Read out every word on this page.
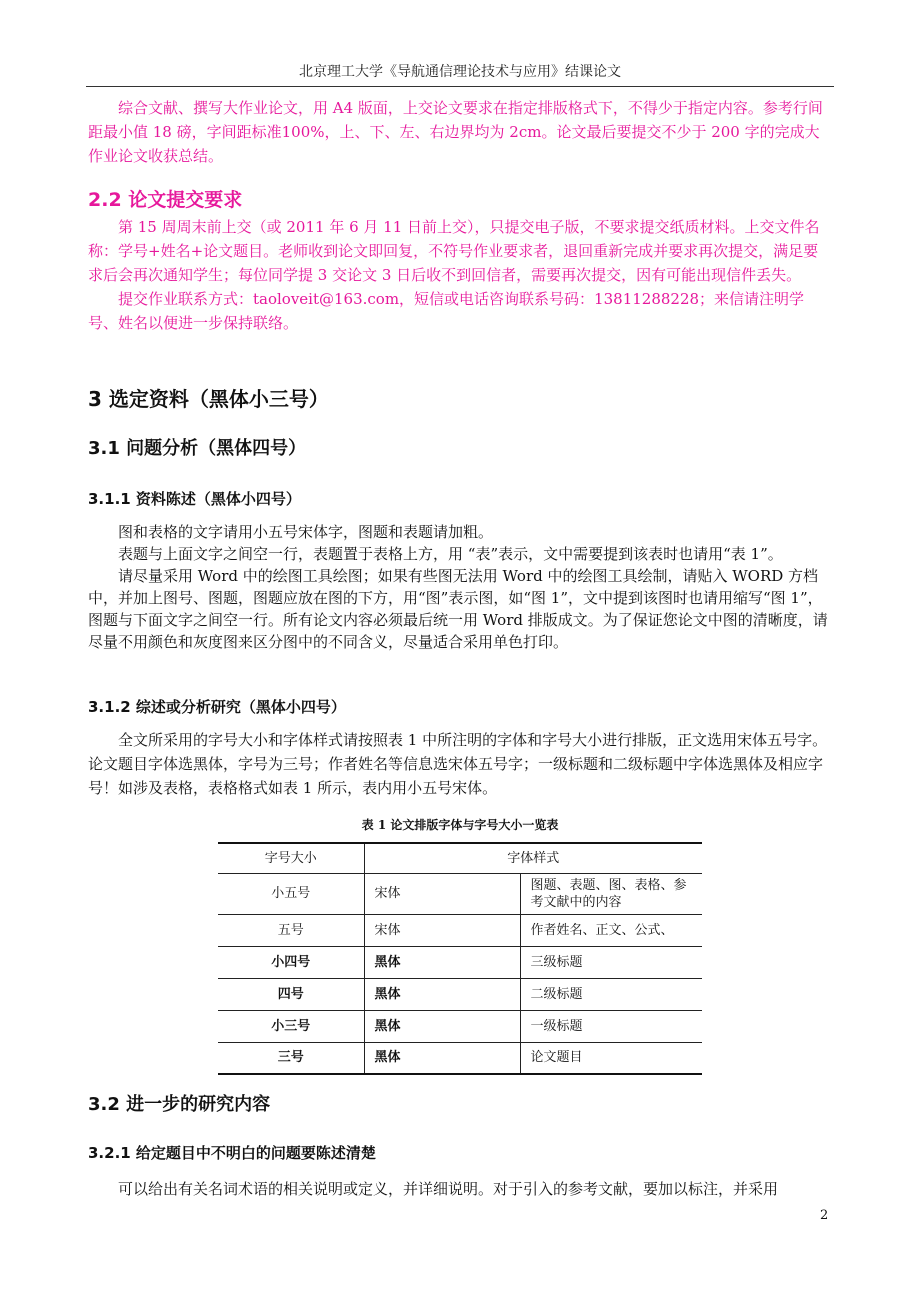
北京理工大学《导航通信理论技术与应用》结课论文

综合文献、撰写大作业论文，用 A4 版面，上交论文要求在指定排版格式下，不得少于指定内容。参考行间距最小值 18 磅，字间距标准100%，上、下、左、右边界均为 2cm。论文最后要提交不少于 200 字的完成大作业论文收获总结。

2.2 论文提交要求

第 15 周周末前上交（或 2011 年 6 月 11 日前上交），只提交电子版，不要求提交纸质材料。上交文件名称：学号+姓名+论文题目。老师收到论文即回复，不符号作业要求者，退回重新完成并要求再次提交，满足要求后会再次通知学生；每位同学提 3 交论文 3 日后收不到回信者，需要再次提交，因有可能出现信件丢失。

提交作业联系方式：taoloveit@163.com，短信或电话咨询联系号码：13811288228；来信请注明学号、姓名以便进一步保持联络。

3 选定资料（黑体小三号）
3.1 问题分析（黑体四号）
3.1.1 资料陈述（黑体小四号）

图和表格的文字请用小五号宋体字，图题和表题请加粗。

表题与上面文字之间空一行，表题置于表格上方，用 “表”表示，文中需要提到该表时也请用“表 1”。

请尽量采用 Word 中的绘图工具绘图；如果有些图无法用 Word 中的绘图工具绘制，请贴入 WORD 方档中，并加上图号、图题，图题应放在图的下方，用“图”表示图，如“图 1”，文中提到该图时也请用缩写“图 1”，图题与下面文字之间空一行。所有论文内容必须最后统一用 Word 排版成文。为了保证您论文中图的清晰度，请尽量不用颜色和灰度图来区分图中的不同含义，尽量适合采用单色打印。

3.1.2 综述或分析研究（黑体小四号）

全文所采用的字号大小和字体样式请按照表 1 中所注明的字体和字号大小进行排版，正文选用宋体五号字。论文题目字体选黑体，字号为三号；作者姓名等信息选宋体五号字；一级标题和二级标题中字体选黑体及相应字号！如涉及表格，表格格式如表 1 所示，表内用小五号宋体。

表 1 论文排版字体与字号大小一览表
字号大小	字体样式	
小五号	宋体	图题、表题、图、表格、参考文献中的内容
五号	宋体	作者姓名、正文、公式、
小四号	黑体	三级标题
四号	黑体	二级标题
小三号	黑体	一级标题
三号	黑体	论文题目
3.2 进一步的研究内容
3.2.1 给定题目中不明白的问题要陈述清楚

可以给出有关名词术语的相关说明或定义，并详细说明。对于引入的参考文献，要加以标注，并采用

2
